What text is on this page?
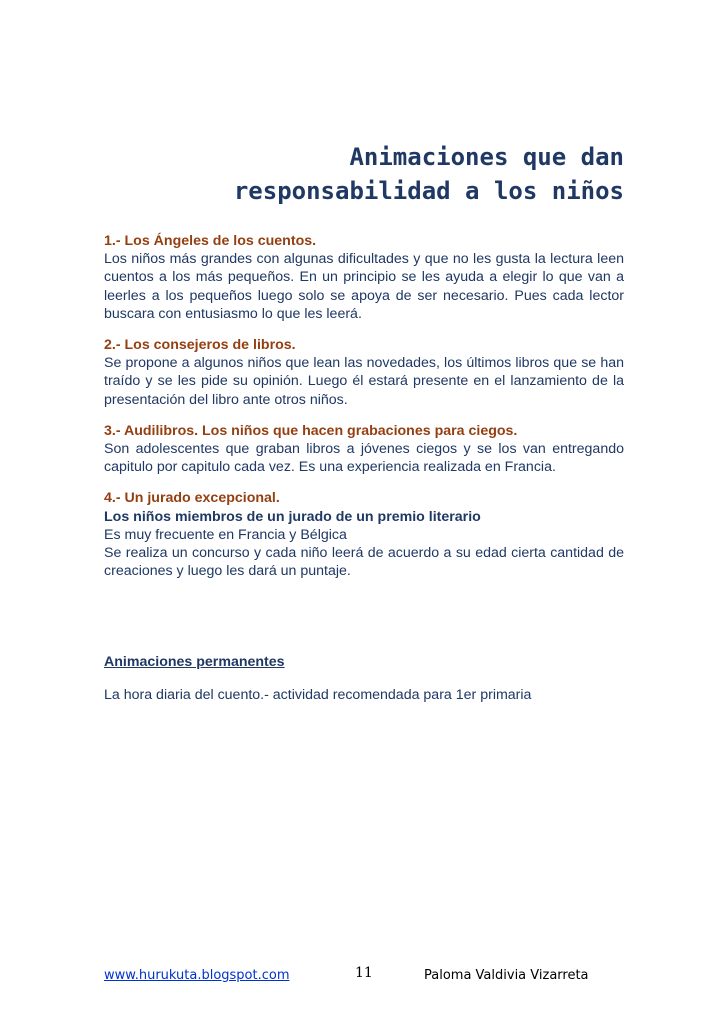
Animaciones que dan
responsabilidad a los niños
1.- Los Ángeles de los cuentos.
Los niños más grandes con algunas dificultades y que no les gusta la lectura leen cuentos a los más pequeños. En un principio se les ayuda a elegir lo que van a leerles a los pequeños luego solo se apoya de ser necesario. Pues cada lector buscara con entusiasmo lo que les leerá.
2.- Los consejeros de libros.
Se propone a algunos niños que lean las novedades, los últimos libros que se han traído y se les pide su opinión. Luego él estará presente en el lanzamiento de la presentación del libro ante otros niños.
3.- Audilibros. Los niños que hacen grabaciones para ciegos.
Son adolescentes que graban libros a jóvenes ciegos y se los van entregando capitulo por capitulo cada vez. Es una experiencia realizada en Francia.
4.- Un jurado excepcional.
Los niños miembros de un jurado de un premio literario
Es muy frecuente en Francia y Bélgica
Se realiza un concurso y cada niño leerá de acuerdo a su edad cierta cantidad de creaciones y luego les dará un puntaje.
Animaciones permanentes
La hora diaria del cuento.- actividad recomendada para 1er primaria
www.hurukuta.blogspot.com	11	Paloma Valdivia Vizarreta
